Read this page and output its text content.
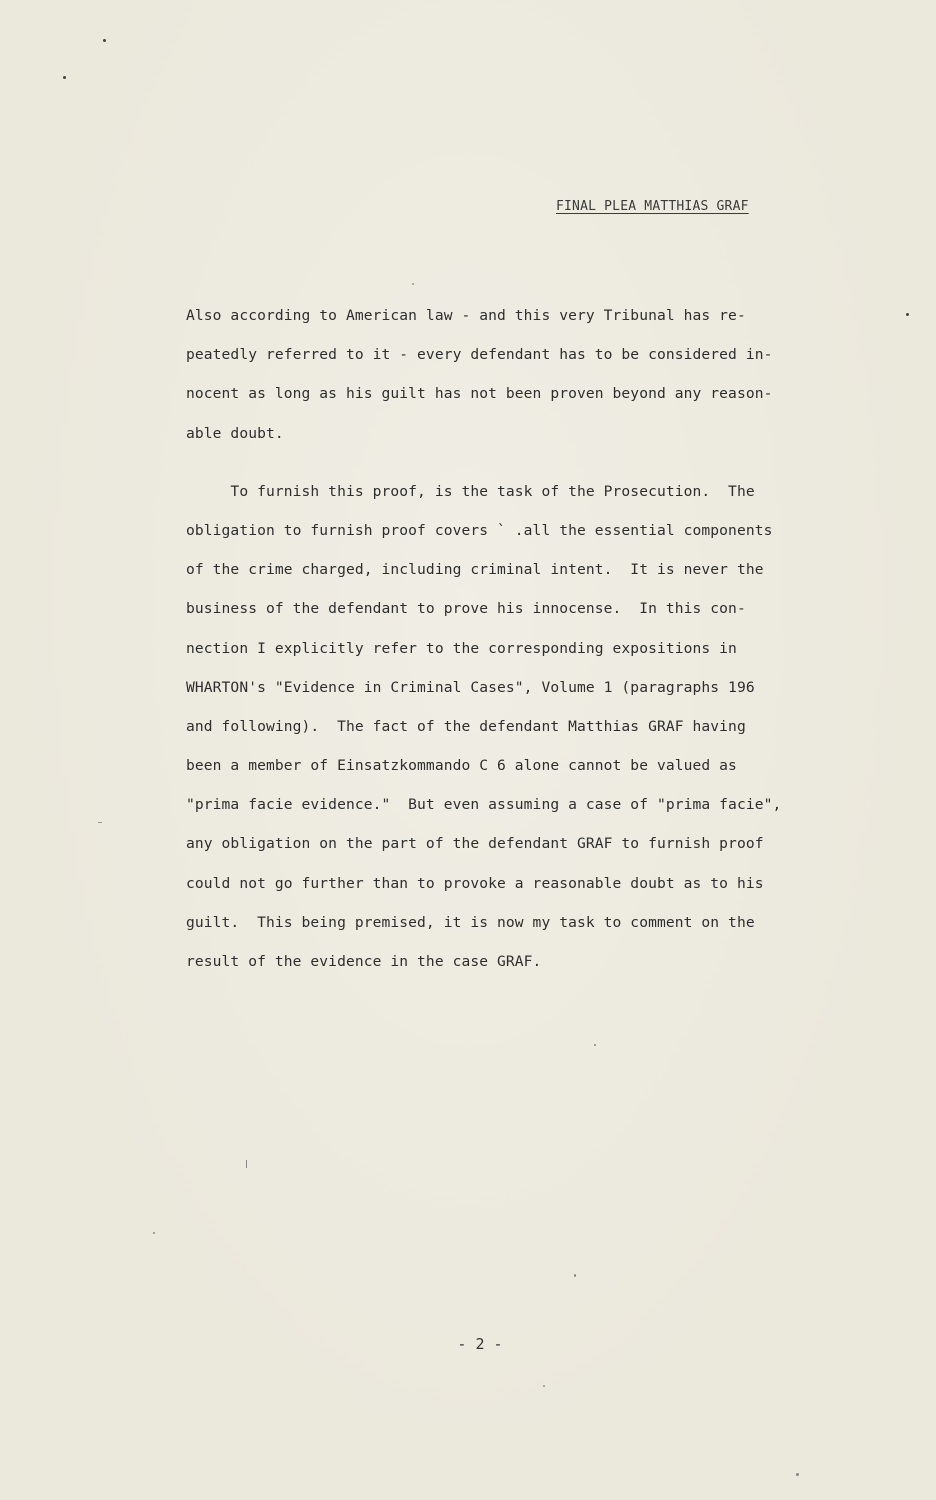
FINAL PLEA MATTHIAS GRAF
Also according to American law - and this very Tribunal has re-
peatedly referred to it - every defendant has to be considered in-
nocent as long as his guilt has not been proven beyond any reason-
able doubt.
To furnish this proof, is the task of the Prosecution.  The
obligation to furnish proof covers ` .all the essential components
of the crime charged, including criminal intent.  It is never the
business of the defendant to prove his innocense.  In this con-
nection I explicitly refer to the corresponding expositions in
WHARTON's "Evidence in Criminal Cases", Volume 1 (paragraphs 196
and following).  The fact of the defendant Matthias GRAF having
been a member of Einsatzkommando C 6 alone cannot be valued as
"prima facie evidence."  But even assuming a case of "prima facie",
any obligation on the part of the defendant GRAF to furnish proof
could not go further than to provoke a reasonable doubt as to his
guilt.  This being premised, it is now my task to comment on the
result of the evidence in the case GRAF.
- 2 -
